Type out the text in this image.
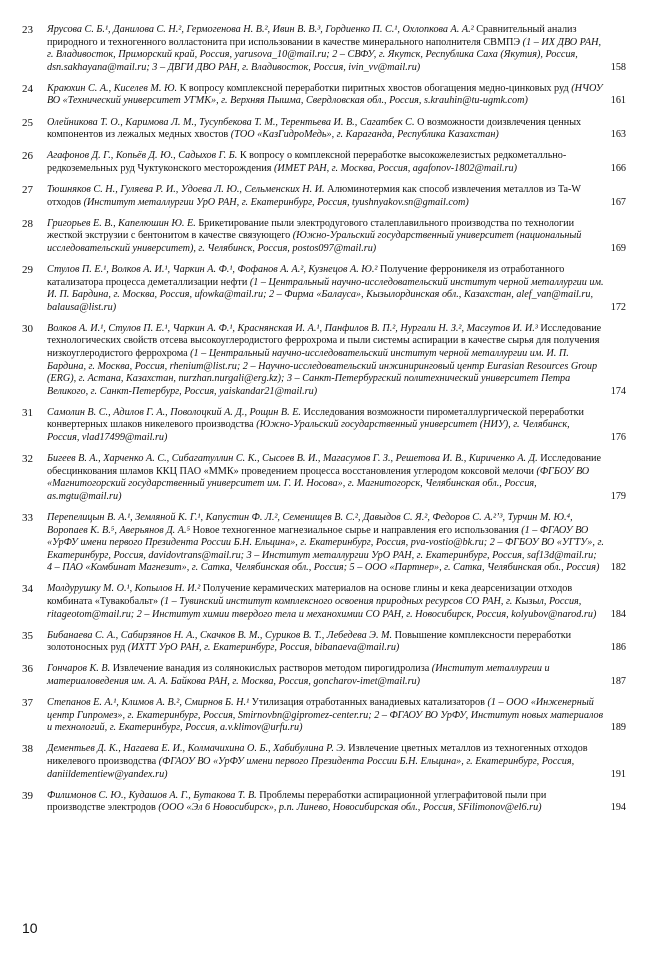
23	Ярусова С. Б.¹, Данилова С. Н.², Гермогенова Н. В.², Ивин В. В.³, Гордиенко П. С.¹, Охлопкова А. А.² Сравнительный анализ природного и техногенного волластонита при использовании в качестве минерального наполнителя СВМПЭ (1 – ИХ ДВО РАН, г. Владивосток, Приморский край, Россия, yarusova_10@mail.ru; 2 – СВФУ, г. Якутск, Республика Саха (Якутия), Россия, dsn.sakhayana@mail.ru; 3 – ДВГИ ДВО РАН, г. Владивосток, Россия, ivin_vv@mail.ru)	158
24	Краюхин С. А., Киселев М. Ю. К вопросу комплексной переработки пиритных хвостов обогащения медно-цинковых руд (НЧОУ ВО «Технический университет УГМК», г. Верхняя Пышма, Свердловская обл., Россия, s.krauhin@tu-ugmk.com)	161
25	Олейникова Т. О., Каримова Л. М., Тусупбекова Т. М., Терентьева И. В., Сагатбек С. О возможности доизвлечения ценных компонентов из лежалых медных хвостов (ТОО «КазГидроМедь», г. Караганда, Республика Казахстан)	163
26	Агафонов Д. Г., Копьёв Д. Ю., Садыхов Г. Б. К вопросу о комплексной переработке высокожелезистых редкометалльно-редкоземельных руд Чуктуконского месторождения (ИМЕТ РАН, г. Москва, Россия, agafonov-1802@mail.ru)	166
27	Тюшняков С. Н., Гуляева Р. И., Удоева Л. Ю., Сельменских Н. И. Алюминотермия как способ извлечения металлов из Ta-W отходов (Институт металлургии УрО РАН, г. Екатеринбург, Россия, tyushnyakov.sn@gmail.com)	167
28	Григорьев Е. В., Капелюшин Ю. Е. Брикетирование пыли электродугового сталеплавильного производства по технологии жесткой экструзии с бентонитом в качестве связующего (Южно-Уральский государственный университет (национальный исследовательский университет), г. Челябинск, Россия, postos097@mail.ru)	169
29	Стулов П. Е.¹, Волков А. И.¹, Чаркин А. Ф.¹, Фофанов А. А.², Кузнецов А. Ю.² Получение ферроникеля из отработанного катализатора процесса деметаллизации нефти (1 – Центральный научно-исследовательский институт черной металлургии им. И. П. Бардина, г. Москва, Россия, ufowka@mail.ru; 2 – Фирма «Балауса», Кызылординская обл., Казахстан, alef_van@mail.ru, balausa@list.ru)	172
30	Волков А. И.¹, Стулов П. Е.¹, Чаркин А. Ф.¹, Краснянская И. А.¹, Панфилов В. П.², Нургали Н. З.², Масгутов И. И.³ Исследование технологических свойств отсева высокоуглеродистого феррохрома и пыли системы аспирации в качестве сырья для получения низкоуглеродистого феррохрома (1 – Центральный научно-исследовательский институт черной металлургии им. И. П. Бардина, г. Москва, Россия, rhenium@list.ru; 2 – Научно-исследовательский инжиниринговый центр Eurasian Resources Group (ERG), г. Астана, Казахстан, nurzhan.nurgali@erg.kz); 3 – Санкт-Петербургский политехнический университет Петра Великого, г. Санкт-Петербург, Россия, yaiskandar21@mail.ru)	174
31	Самолин В. С., Адилов Г. А., Поволоцкий А. Д., Рощин В. Е. Исследования возможности пирометаллургической переработки конвертерных шлаков никелевого производства (Южно-Уральский государственный университет (НИУ), г. Челябинск, Россия, vlad17499@mail.ru)	176
32	Бигеев В. А., Харченко А. С., Сибагатуллин С. К., Сысоев В. И., Магасумов Г. З., Решетова И. В., Кириченко А. Д. Исследование обесцинкования шламов ККЦ ПАО «ММК» проведением процесса восстановления углеродом коксовой мелочи (ФГБОУ ВО «Магнитогорский государственный университет им. Г. И. Носова», г. Магнитогорск, Челябинская обл., Россия, as.mgtu@mail.ru)	179
33	Перепелицын В. А.¹, Земляной К. Г.¹, Капустин Ф. Л.², Семенищев В. С.², Давыдов С. Я.², Федоров С. А.²ʼ³, Турчин М. Ю.⁴, Воропаев К. В.⁵, Аверьянов Д. А.⁵ Новое техногенное магнезиальное сырье и направления его использования (1 – ФГАОУ ВО «УрФУ имени первого Президента России Б.Н. Ельцина», г. Екатеринбург, Россия, pva-vostio@bk.ru; 2 – ФГБОУ ВО «УГТУ», г. Екатеринбург, Россия, davidovtrans@mail.ru; 3 – Институт металлургии УрО РАН, г. Екатеринбург, Россия, saf13d@mail.ru; 4 – ПАО «Комбинат Магнезит», г. Сатка, Челябинская обл., Россия; 5 – ООО «Партнер», г. Сатка, Челябинская обл., Россия)	182
34	Молдурушку М. О.¹, Копылов Н. И.² Получение керамических материалов на основе глины и кека деарсенизации отходов комбината «Тувакобальт» (1 – Тувинский институт комплексного освоения природных ресурсов СО РАН, г. Кызыл, Россия, ritageotom@mail.ru; 2 – Институт химии твердого тела и механохимии СО РАН, г. Новосибирск, Россия, kolyubov@narod.ru)	184
35	Бибанаева С. А., Сабирзянов Н. А., Скачков В. М., Суриков В. Т., Лебедева Э. М. Повышение комплексности переработки золотоносных руд (ИХТТ УрО РАН, г. Екатеринбург, Россия, bibanaeva@mail.ru)	186
36	Гончаров К. В. Извлечение ванадия из солянокислых растворов методом пирогидролиза (Институт металлургии и материаловедения им. А. А. Байкова РАН, г. Москва, Россия, goncharov-imet@mail.ru)	187
37	Степанов Е. А.¹, Климов А. В.², Смирнов Б. Н.¹ Утилизация отработанных ванадиевых катализаторов (1 – ООО «Инженерный центр Гипромез», г. Екатеринбург, Россия, Smirnovbn@gipromez-center.ru; 2 – ФГАОУ ВО УрФУ, Институт новых материалов и технологий, г. Екатеринбург, Россия, a.v.klimov@urfu.ru)	189
38	Дементьев Д. К., Нагаева Е. И., Колмачихина О. Б., Хабибулина Р. Э. Извлечение цветных металлов из техногенных отходов никелевого производства (ФГАОУ ВО «УрФУ имени первого Президента России Б.Н. Ельцина», г. Екатеринбург, Россия, daniildementiew@yandex.ru)	191
39	Филимонов С. Ю., Кудашов А. Г., Бутакова Т. В. Проблемы переработки аспирационной углеграфитовой пыли при производстве электродов (ООО «Эл 6 Новосибирск», р.п. Линево, Новосибирская обл., Россия, SFilimonov@el6.ru)	194
10
